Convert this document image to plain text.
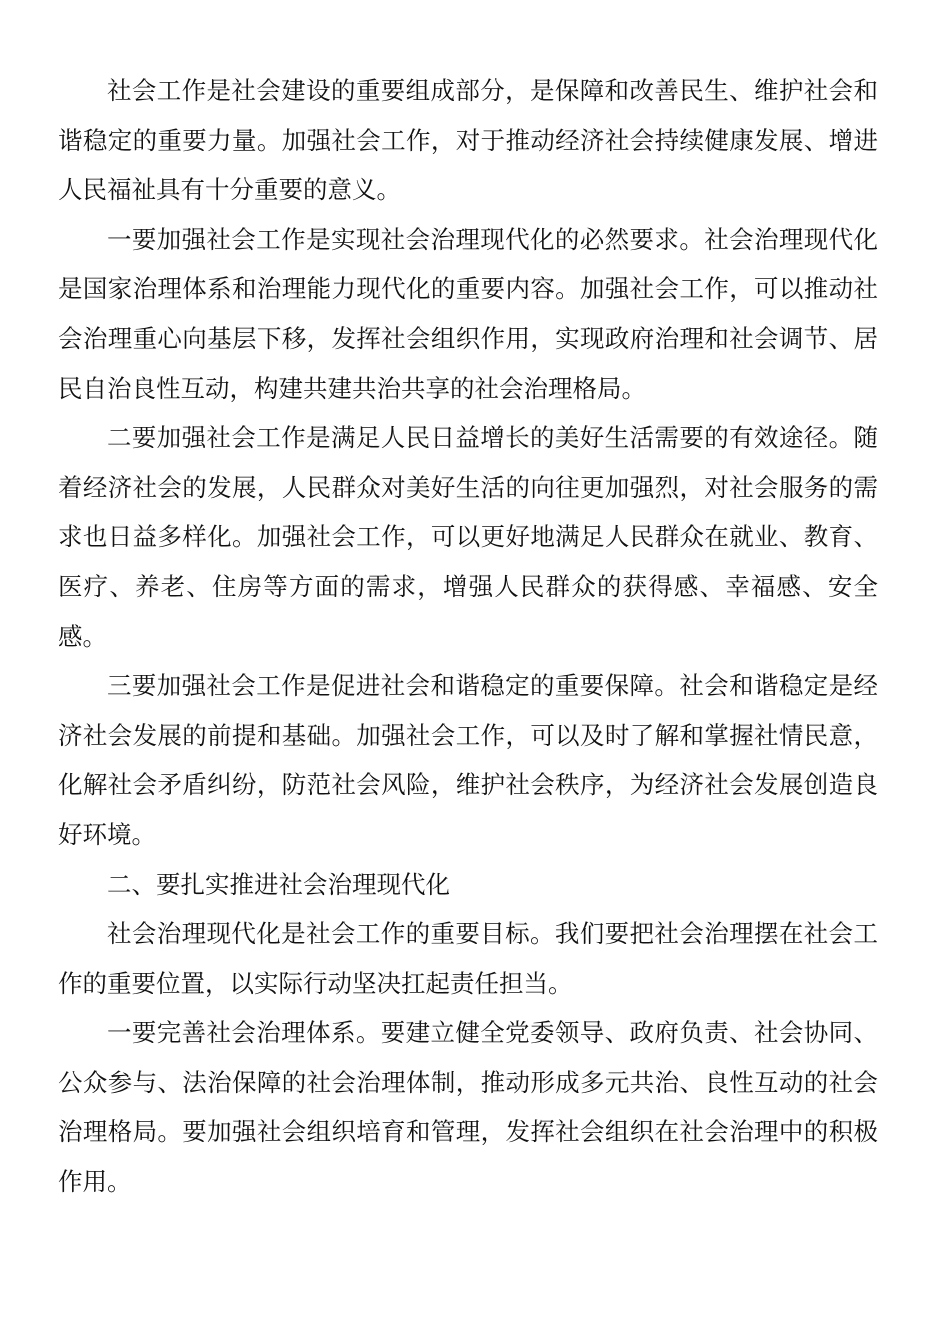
社会工作是社会建设的重要组成部分，是保障和改善民生、维护社会和谐稳定的重要力量。加强社会工作，对于推动经济社会持续健康发展、增进人民福祉具有十分重要的意义。

一要加强社会工作是实现社会治理现代化的必然要求。社会治理现代化是国家治理体系和治理能力现代化的重要内容。加强社会工作，可以推动社会治理重心向基层下移，发挥社会组织作用，实现政府治理和社会调节、居民自治良性互动，构建共建共治共享的社会治理格局。

二要加强社会工作是满足人民日益增长的美好生活需要的有效途径。随着经济社会的发展，人民群众对美好生活的向往更加强烈，对社会服务的需求也日益多样化。加强社会工作，可以更好地满足人民群众在就业、教育、医疗、养老、住房等方面的需求，增强人民群众的获得感、幸福感、安全感。

三要加强社会工作是促进社会和谐稳定的重要保障。社会和谐稳定是经济社会发展的前提和基础。加强社会工作，可以及时了解和掌握社情民意，化解社会矛盾纠纷，防范社会风险，维护社会秩序，为经济社会发展创造良好环境。

二、要扎实推进社会治理现代化

社会治理现代化是社会工作的重要目标。我们要把社会治理摆在社会工作的重要位置，以实际行动坚决扛起责任担当。

一要完善社会治理体系。要建立健全党委领导、政府负责、社会协同、公众参与、法治保障的社会治理体制，推动形成多元共治、良性互动的社会治理格局。要加强社会组织培育和管理，发挥社会组织在社会治理中的积极作用。
